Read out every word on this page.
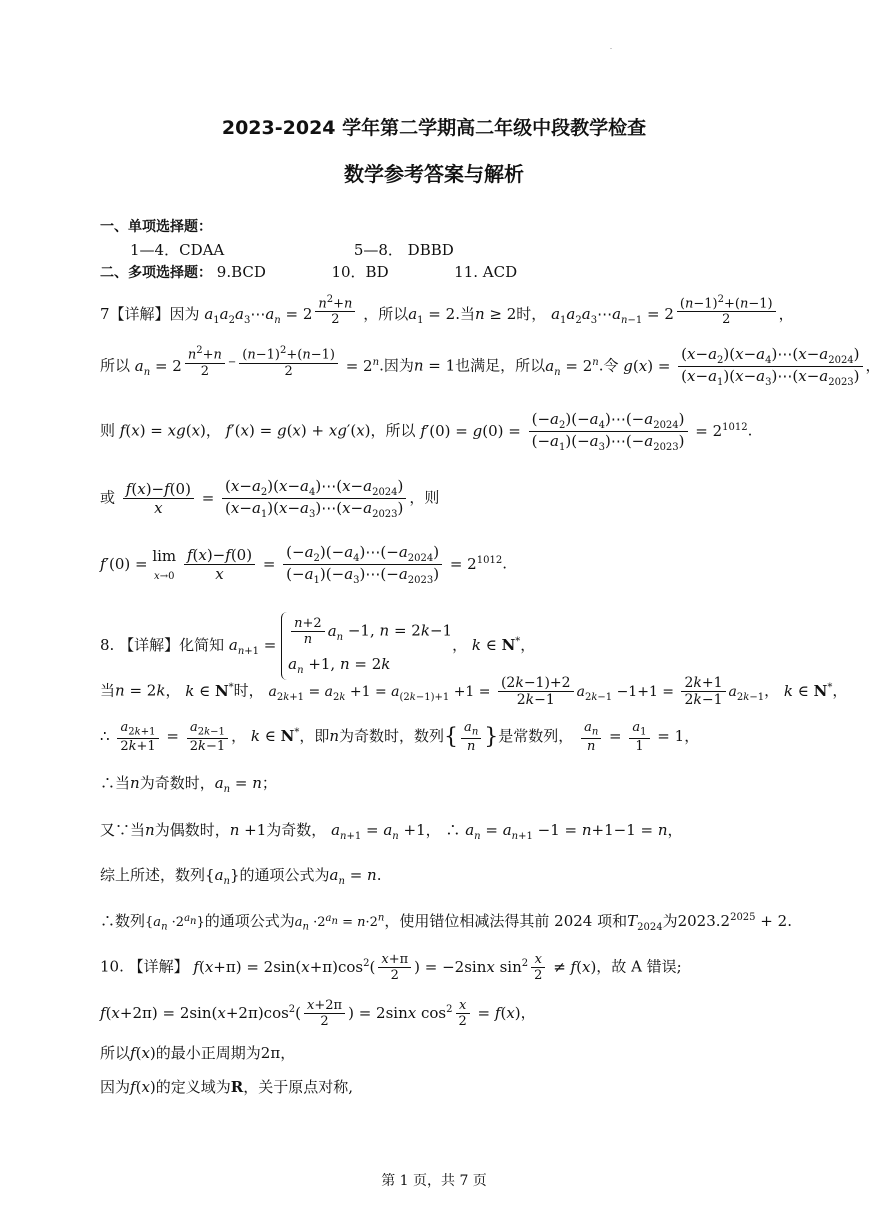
2023-2024 学年第二学期高二年级中段教学检查
数学参考答案与解析
一、单项选择题：
1—4．CDAA	5—8． DBBD
二、多项选择题： 9.BCD	10．BD	11. ACD
7【详解】因为 $a_1a_2a_3\cdots a_n = 2$ $^{\frac{n^2+n}{2}}$ ，所以$a_1 = 2$.当n ≥ 2时， $a_1a_2a_3\cdots a_{n-1} = 2$ $^{\frac{(n-1)^2+(n-1)}{2}}$ ，
所以 $a_n = 2$ $^{\frac{n^2+n}{2} - \frac{(n-1)^2+(n-1)}{2}} = 2^n$.因为n = 1也满足，所以$a_n = 2^n$.令 $g(x) = \frac{(x-a_2)(x-a_4)\cdots(x-a_{2024})}{(x-a_1)(x-a_3)\cdots(x-a_{2023})}$ ，
则 f(x) = xg(x)， f′(x) = g(x) + xg′(x)，所以 $f'(0) = g(0) = \frac{(-a_2)(-a_4)\cdots(-a_{2024})}{(-a_1)(-a_3)\cdots(-a_{2023})} = 2^{1012}$.
或 $\frac{f(x)-f(0)}{x} = \frac{(x-a_2)(x-a_4)\cdots(x-a_{2024})}{(x-a_1)(x-a_3)\cdots(x-a_{2023})}$ ，则
f′(0) = lim
$x\to 0 \frac{f(x)-f(0)}{x} = \frac{(-a_2)(-a_4)\cdots(-a_{2024})}{(-a_1)(-a_3)\cdots(-a_{2023})} = 2^{1012}$.
8. 【详解】化简知 $a_{n+1} = \frac{n+2}{n} a_n -1$, n = 2k−1
$a_n +1$, n = 2k
， k ∈ N*，
当n = 2k， k ∈ N*时， $a_{2k+1} = a_{2k} +1 = a_{(2k-1)+1} +1 = \frac{(2k-1)+2}{2k-1} a_{2k-1} -1+1 = \frac{2k+1}{2k-1} a_{2k-1}$， k ∈ N*，
∴ $\frac{a_{2k+1}}{2k+1} = \frac{a_{2k-1}}{2k-1}$ ， k ∈ N*，即n为奇数时，数列{ $\frac{a_n}{n}$ }是常数列， $\frac{a_n}{n} = \frac{a_1}{1} = 1$，
∴当n为奇数时，$a_n = n$；
又∵当n为偶数时，n +1为奇数， $a_{n+1} = a_n +1$， ∴ $a_n = a_{n+1} -1 = n+1-1 = n$，
综上所述，数列$\{a_n\}$的通项公式为$a_n = n$.
∴数列$\{a_n \cdot 2^{a_n}\}$的通项公式为$a_n \cdot 2^{a_n} = n\cdot 2^n$，使用错位相减法得其前 2024 项和$T_{2024}$为$2023.2^{2025} + 2$.
10. 【详解】 $f(x+\pi) = 2\sin(x+\pi)\cos^2( \frac{x+\pi}{2}$ ) = −2sinx $\sin^2 \frac{x}{2} \ne f(x)$，故 A 错误;
$f(x+2\pi) = 2\sin(x+2\pi)\cos^2( \frac{x+2\pi}{2}$ ) = 2sinx $\cos^2 \frac{x}{2} = f(x)$，
所以f(x)的最小正周期为2π，
因为f(x)的定义域为R，关于原点对称,
第 1 页，共 7 页
